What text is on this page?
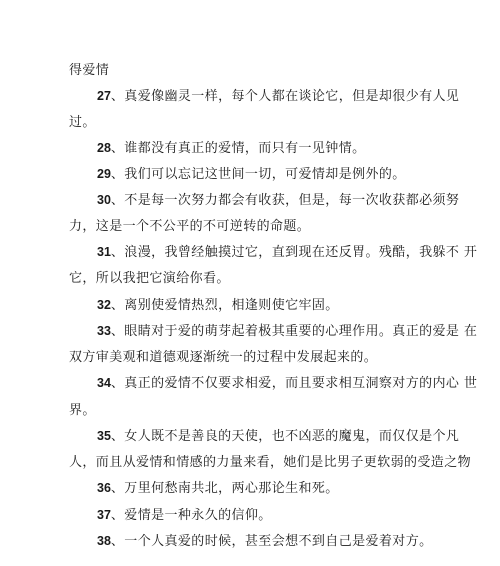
得爱情
27、真爱像幽灵一样，每个人都在谈论它，但是却很少有人见
过。
28、谁都没有真正的爱情，而只有一见钟情。
29、我们可以忘记这世间一切，可爱情却是例外的。
30、不是每一次努力都会有收获，但是，每一次收获都必须努
力，这是一个不公平的不可逆转的命题。
31、浪漫，我曾经触摸过它，直到现在还反胃。残酷，我躲不 开
它，所以我把它演给你看。
32、离别使爱情热烈，相逢则使它牢固。
33、眼睛对于爱的萌芽起着极其重要的心理作用。真正的爱是 在
双方审美观和道德观逐渐统一的过程中发展起来的。
34、真正的爱情不仅要求相爱，而且要求相互洞察对方的内心 世
界。
35、女人既不是善良的天使，也不凶恶的魔鬼，而仅仅是个凡
人，而且从爱情和情感的力量来看，她们是比男子更软弱的受造之物
36、万里何愁南共北，两心那论生和死。
37、爱情是一种永久的信仰。
38、一个人真爱的时候，甚至会想不到自己是爱着对方。
